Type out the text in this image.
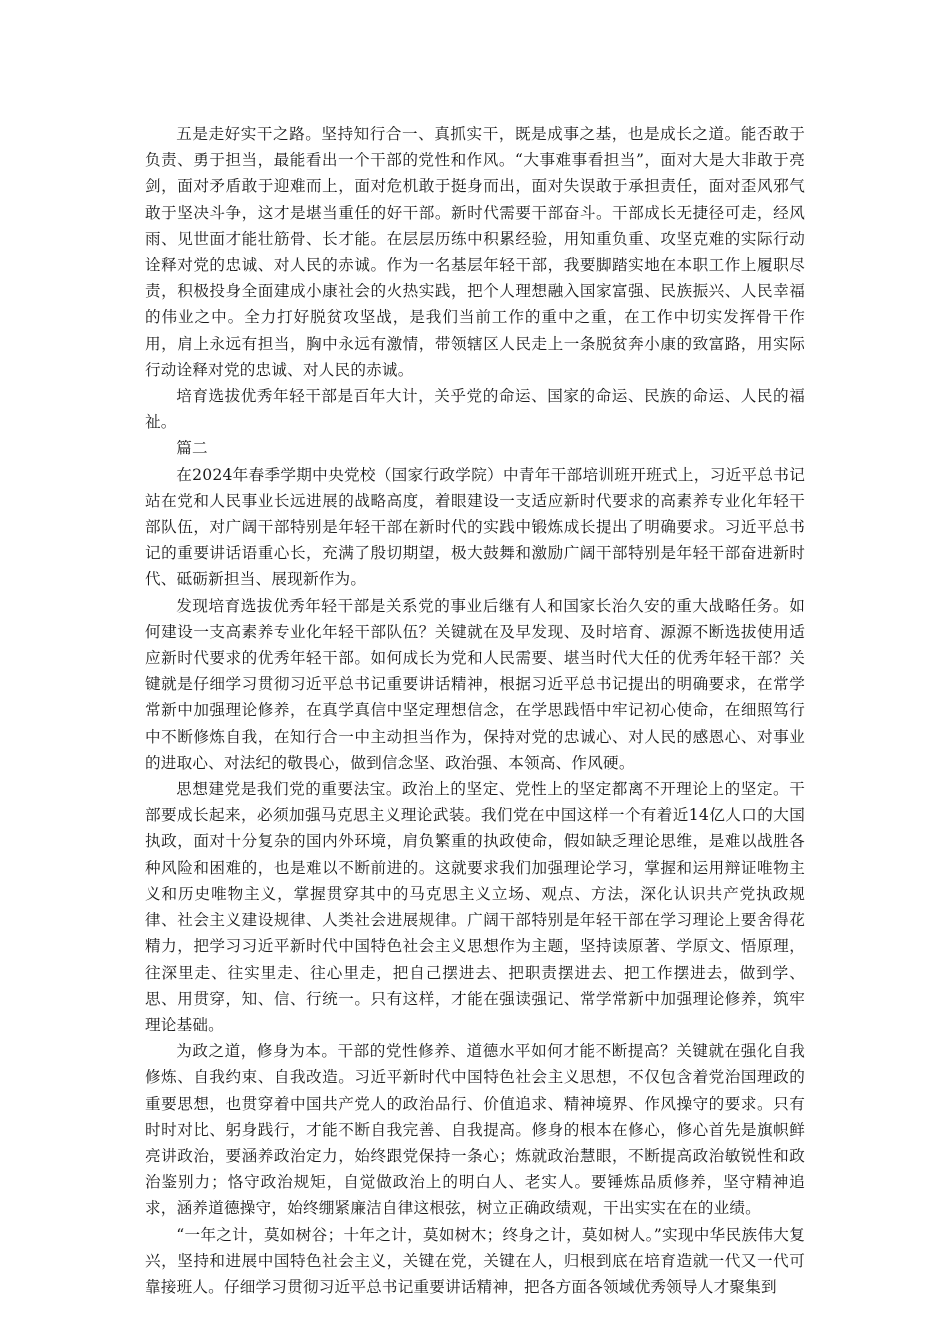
五是走好实干之路。坚持知行合一、真抓实干，既是成事之基，也是成长之道。能否敢于负责、勇于担当，最能看出一个干部的党性和作风。“大事难事看担当”，面对大是大非敢于亮剑，面对矛盾敢于迎难而上，面对危机敢于挺身而出，面对失误敢于承担责任，面对歪风邪气敢于坚决斗争，这才是堪当重任的好干部。新时代需要干部奋斗。干部成长无捷径可走，经风雨、见世面才能壮筋骨、长才能。在层层历练中积累经验，用知重负重、攻坚克难的实际行动诠释对党的忠诚、对人民的赤诚。作为一名基层年轻干部，我要脚踏实地在本职工作上履职尽责，积极投身全面建成小康社会的火热实践，把个人理想融入国家富强、民族振兴、人民幸福的伟业之中。全力打好脱贫攻坚战，是我们当前工作的重中之重，在工作中切实发挥骨干作用，肩上永远有担当，胸中永远有激情，带领辖区人民走上一条脱贫奔小康的致富路，用实际行动诠释对党的忠诚、对人民的赤诚。

培育选拔优秀年轻干部是百年大计，关乎党的命运、国家的命运、民族的命运、人民的福祉。

篇二

在2024年春季学期中央党校（国家行政学院）中青年干部培训班开班式上，习近平总书记站在党和人民事业长远进展的战略高度，着眼建设一支适应新时代要求的高素养专业化年轻干部队伍，对广阔干部特别是年轻干部在新时代的实践中锻炼成长提出了明确要求。习近平总书记的重要讲话语重心长，充满了殷切期望，极大鼓舞和激励广阔干部特别是年轻干部奋进新时代、砥砺新担当、展现新作为。

发现培育选拔优秀年轻干部是关系党的事业后继有人和国家长治久安的重大战略任务。如何建设一支高素养专业化年轻干部队伍？关键就在及早发现、及时培育、源源不断选拔使用适应新时代要求的优秀年轻干部。如何成长为党和人民需要、堪当时代大任的优秀年轻干部？关键就是仔细学习贯彻习近平总书记重要讲话精神，根据习近平总书记提出的明确要求，在常学常新中加强理论修养，在真学真信中坚定理想信念，在学思践悟中牢记初心使命，在细照笃行中不断修炼自我，在知行合一中主动担当作为，保持对党的忠诚心、对人民的感恩心、对事业的进取心、对法纪的敬畏心，做到信念坚、政治强、本领高、作风硬。

思想建党是我们党的重要法宝。政治上的坚定、党性上的坚定都离不开理论上的坚定。干部要成长起来，必须加强马克思主义理论武装。我们党在中国这样一个有着近14亿人口的大国执政，面对十分复杂的国内外环境，肩负繁重的执政使命，假如缺乏理论思维，是难以战胜各种风险和困难的，也是难以不断前进的。这就要求我们加强理论学习，掌握和运用辩证唯物主义和历史唯物主义，掌握贯穿其中的马克思主义立场、观点、方法，深化认识共产党执政规律、社会主义建设规律、人类社会进展规律。广阔干部特别是年轻干部在学习理论上要舍得花精力，把学习习近平新时代中国特色社会主义思想作为主题，坚持读原著、学原文、悟原理，往深里走、往实里走、往心里走，把自己摆进去、把职责摆进去、把工作摆进去，做到学、思、用贯穿，知、信、行统一。只有这样，才能在强读强记、常学常新中加强理论修养，筑牢理论基础。

为政之道，修身为本。干部的党性修养、道德水平如何才能不断提高？关键就在强化自我修炼、自我约束、自我改造。习近平新时代中国特色社会主义思想，不仅包含着党治国理政的重要思想，也贯穿着中国共产党人的政治品行、价值追求、精神境界、作风操守的要求。只有时时对比、躬身践行，才能不断自我完善、自我提高。修身的根本在修心，修心首先是旗帜鲜亮讲政治，要涵养政治定力，始终跟党保持一条心；炼就政治慧眼，不断提高政治敏锐性和政治鉴别力；恪守政治规矩，自觉做政治上的明白人、老实人。要锤炼品质修养，坚守精神追求，涵养道德操守，始终绷紧廉洁自律这根弦，树立正确政绩观，干出实实在在的业绩。

“一年之计，莫如树谷；十年之计，莫如树木；终身之计，莫如树人。”实现中华民族伟大复兴，坚持和进展中国特色社会主义，关键在党，关键在人，归根到底在培育造就一代又一代可靠接班人。仔细学习贯彻习近平总书记重要讲话精神，把各方面各领域优秀领导人才聚集到
